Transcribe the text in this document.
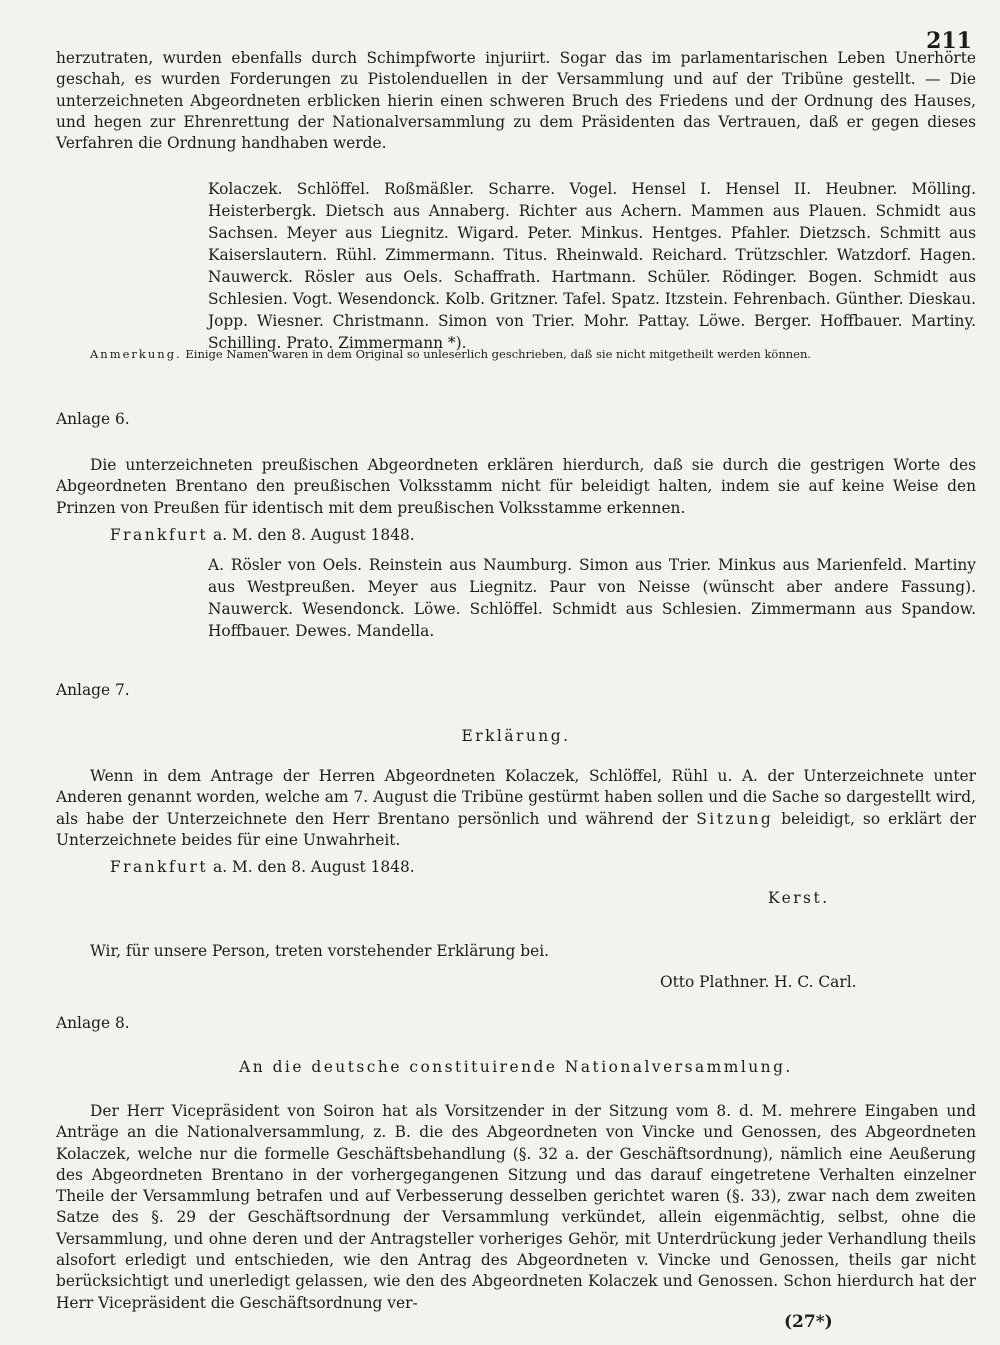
211

herzutraten, wurden ebenfalls durch Schimpfworte injuriirt. Sogar das im parlamentarischen Leben Unerhörte geschah, es wurden Forderungen zu Pistolenduellen in der Versammlung und auf der Tribüne gestellt. — Die unterzeichneten Abgeordneten erblicken hierin einen schweren Bruch des Friedens und der Ordnung des Hauses, und hegen zur Ehrenrettung der Nationalversammlung zu dem Präsidenten das Vertrauen, daß er gegen dieses Verfahren die Ordnung handhaben werde.

Kolaczek. Schlöffel. Roßmäßler. Scharre. Vogel. Hensel I. Hensel II. Heubner. Mölling. Heisterbergk. Dietsch aus Annaberg. Richter aus Achern. Mammen aus Plauen. Schmidt aus Sachsen. Meyer aus Liegnitz. Wigard. Peter. Minkus. Hentges. Pfahler. Dietzsch. Schmitt aus Kaiserslautern. Rühl. Zimmermann. Titus. Rheinwald. Reichard. Trützschler. Watzdorf. Hagen. Nauwerck. Rösler aus Oels. Schaffrath. Hartmann. Schüler. Rödinger. Bogen. Schmidt aus Schlesien. Vogt. Wesendonck. Kolb. Gritzner. Tafel. Spatz. Itzstein. Fehrenbach. Günther. Dieskau. Jopp. Wiesner. Christmann. Simon von Trier. Mohr. Pattay. Löwe. Berger. Hoffbauer. Martiny. Schilling. Prato. Zimmermann *).

Anmerkung. Einige Namen waren in dem Original so unleserlich geschrieben, daß sie nicht mitgetheilt werden können.

Anlage 6.

Die unterzeichneten preußischen Abgeordneten erklären hierdurch, daß sie durch die gestrigen Worte des Abgeordneten Brentano den preußischen Volksstamm nicht für beleidigt halten, indem sie auf keine Weise den Prinzen von Preußen für identisch mit dem preußischen Volksstamme erkennen.

Frankfurt a. M. den 8. August 1848.

A. Rösler von Oels. Reinstein aus Naumburg. Simon aus Trier. Minkus aus Marienfeld. Martiny aus Westpreußen. Meyer aus Liegnitz. Paur von Neisse (wünscht aber andere Fassung). Nauwerck. Wesendonck. Löwe. Schlöffel. Schmidt aus Schlesien. Zimmermann aus Spandow. Hoffbauer. Dewes. Mandella.

Anlage 7.

Erklärung.

Wenn in dem Antrage der Herren Abgeordneten Kolaczek, Schlöffel, Rühl u. A. der Unterzeichnete unter Anderen genannt worden, welche am 7. August die Tribüne gestürmt haben sollen und die Sache so dargestellt wird, als habe der Unterzeichnete den Herr Brentano persönlich und während der Sitzung beleidigt, so erklärt der Unterzeichnete beides für eine Unwahrheit.

Frankfurt a. M. den 8. August 1848.

Kerst.

Wir, für unsere Person, treten vorstehender Erklärung bei.

Otto Plathner. H. C. Carl.

Anlage 8.

An die deutsche constituirende Nationalversammlung.

Der Herr Vicepräsident von Soiron hat als Vorsitzender in der Sitzung vom 8. d. M. mehrere Eingaben und Anträge an die Nationalversammlung, z. B. die des Abgeordneten von Vincke und Genossen, des Abgeordneten Kolaczek, welche nur die formelle Geschäftsbehandlung (§. 32 a. der Geschäftsordnung), nämlich eine Aeußerung des Abgeordneten Brentano in der vorhergegangenen Sitzung und das darauf eingetretene Verhalten einzelner Theile der Versammlung betrafen und auf Verbesserung desselben gerichtet waren (§. 33), zwar nach dem zweiten Satze des §. 29 der Geschäftsordnung der Versammlung verkündet, allein eigenmächtig, selbst, ohne die Versammlung, und ohne deren und der Antragsteller vorheriges Gehör, mit Unterdrückung jeder Verhandlung theils alsofort erledigt und entschieden, wie den Antrag des Abgeordneten v. Vincke und Genossen, theils gar nicht berücksichtigt und unerledigt gelassen, wie den des Abgeordneten Kolaczek und Genossen. Schon hierdurch hat der Herr Vicepräsident die Geschäftsordnung ver-

(27*)
